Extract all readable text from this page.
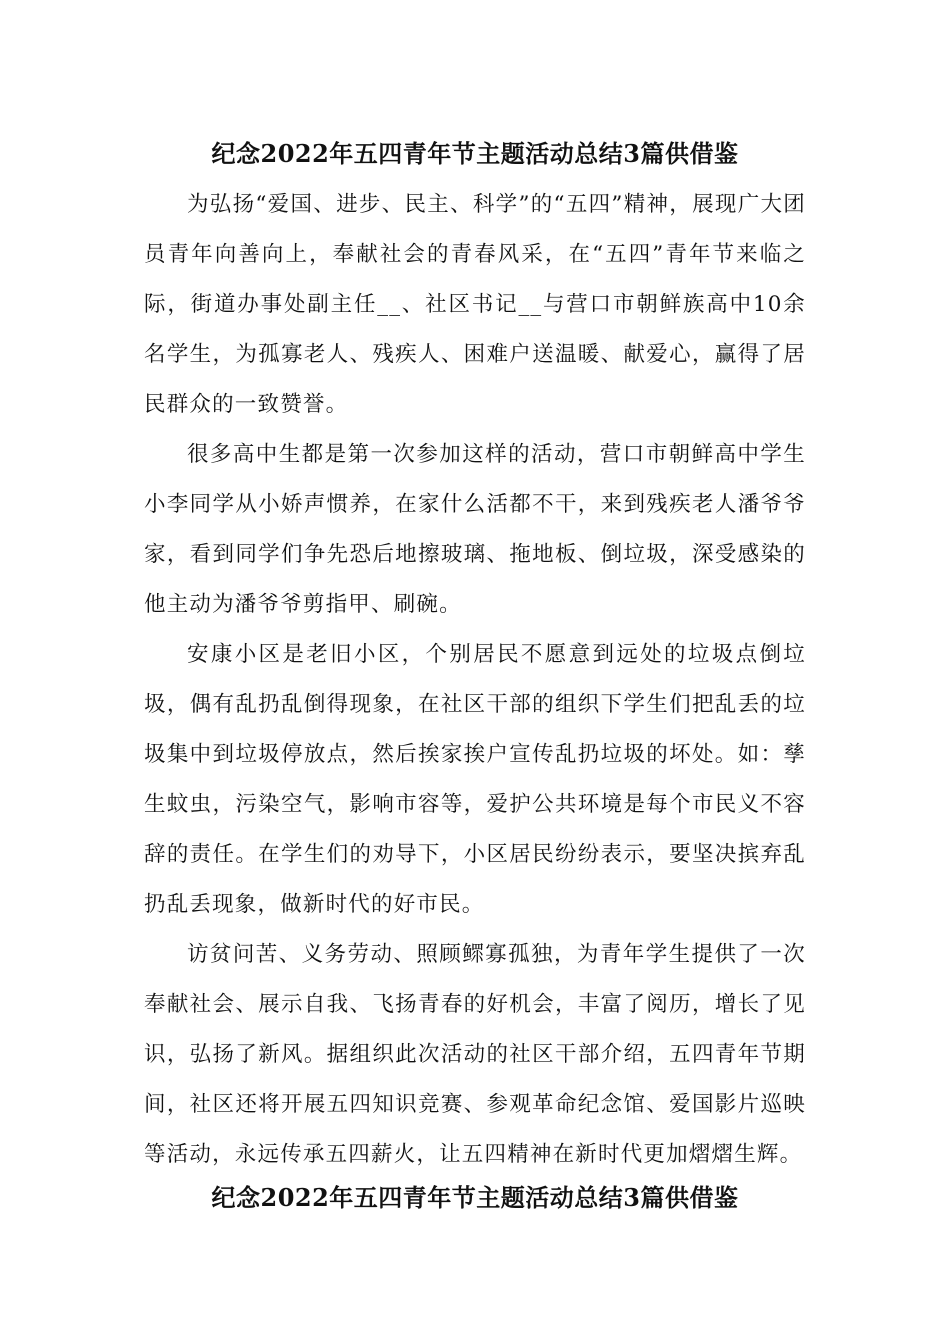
纪念2022年五四青年节主题活动总结3篇供借鉴

为弘扬“爱国、进步、民主、科学”的“五四”精神，展现广大团员青年向善向上，奉献社会的青春风采，在“五四”青年节来临之际，街道办事处副主任__、社区书记__与营口市朝鲜族高中10余名学生，为孤寡老人、残疾人、困难户送温暖、献爱心，赢得了居民群众的一致赞誉。

很多高中生都是第一次参加这样的活动，营口市朝鲜高中学生小李同学从小娇声惯养，在家什么活都不干，来到残疾老人潘爷爷家，看到同学们争先恐后地擦玻璃、拖地板、倒垃圾，深受感染的他主动为潘爷爷剪指甲、刷碗。

安康小区是老旧小区，个别居民不愿意到远处的垃圾点倒垃圾，偶有乱扔乱倒得现象，在社区干部的组织下学生们把乱丢的垃圾集中到垃圾停放点，然后挨家挨户宣传乱扔垃圾的坏处。如：孳生蚊虫，污染空气，影响市容等，爱护公共环境是每个市民义不容辞的责任。在学生们的劝导下，小区居民纷纷表示，要坚决摈弃乱扔乱丢现象，做新时代的好市民。

访贫问苦、义务劳动、照顾鳏寡孤独，为青年学生提供了一次奉献社会、展示自我、飞扬青春的好机会，丰富了阅历，增长了见识，弘扬了新风。据组织此次活动的社区干部介绍，五四青年节期间，社区还将开展五四知识竞赛、参观革命纪念馆、爱国影片巡映等活动，永远传承五四薪火，让五四精神在新时代更加熠熠生辉。

纪念2022年五四青年节主题活动总结3篇供借鉴
